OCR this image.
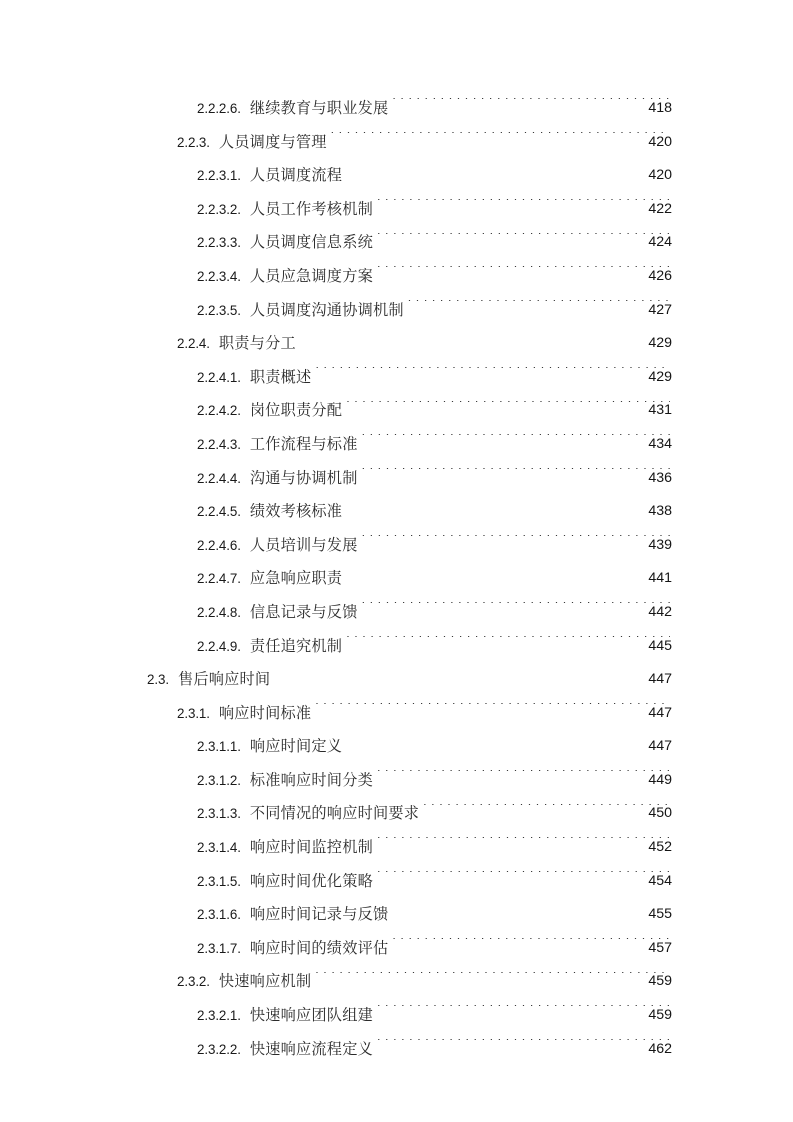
2.2.2.6. 继续教育与职业发展 . . .	418
2.2.3. 人员调度与管理 . . .	420
2.2.3.1. 人员调度流程 . . .	420
2.2.3.2. 人员工作考核机制 . . .	422
2.2.3.3. 人员调度信息系统 . . .	424
2.2.3.4. 人员应急调度方案 . . .	426
2.2.3.5. 人员调度沟通协调机制 . . .	427
2.2.4. 职责与分工 . . .	429
2.2.4.1. 职责概述 . . .	429
2.2.4.2. 岗位职责分配 . . .	431
2.2.4.3. 工作流程与标准 . . .	434
2.2.4.4. 沟通与协调机制 . . .	436
2.2.4.5. 绩效考核标准 . . .	438
2.2.4.6. 人员培训与发展 . . .	439
2.2.4.7. 应急响应职责 . . .	441
2.2.4.8. 信息记录与反馈 . . .	442
2.2.4.9. 责任追究机制 . . .	445
2.3. 售后响应时间 . . .	447
2.3.1. 响应时间标准 . . .	447
2.3.1.1. 响应时间定义 . . .	447
2.3.1.2. 标准响应时间分类 . . .	449
2.3.1.3. 不同情况的响应时间要求 . . .	450
2.3.1.4. 响应时间监控机制 . . .	452
2.3.1.5. 响应时间优化策略 . . .	454
2.3.1.6. 响应时间记录与反馈 . . .	455
2.3.1.7. 响应时间的绩效评估 . . .	457
2.3.2. 快速响应机制 . . .	459
2.3.2.1. 快速响应团队组建 . . .	459
2.3.2.2. 快速响应流程定义 . . .	462
